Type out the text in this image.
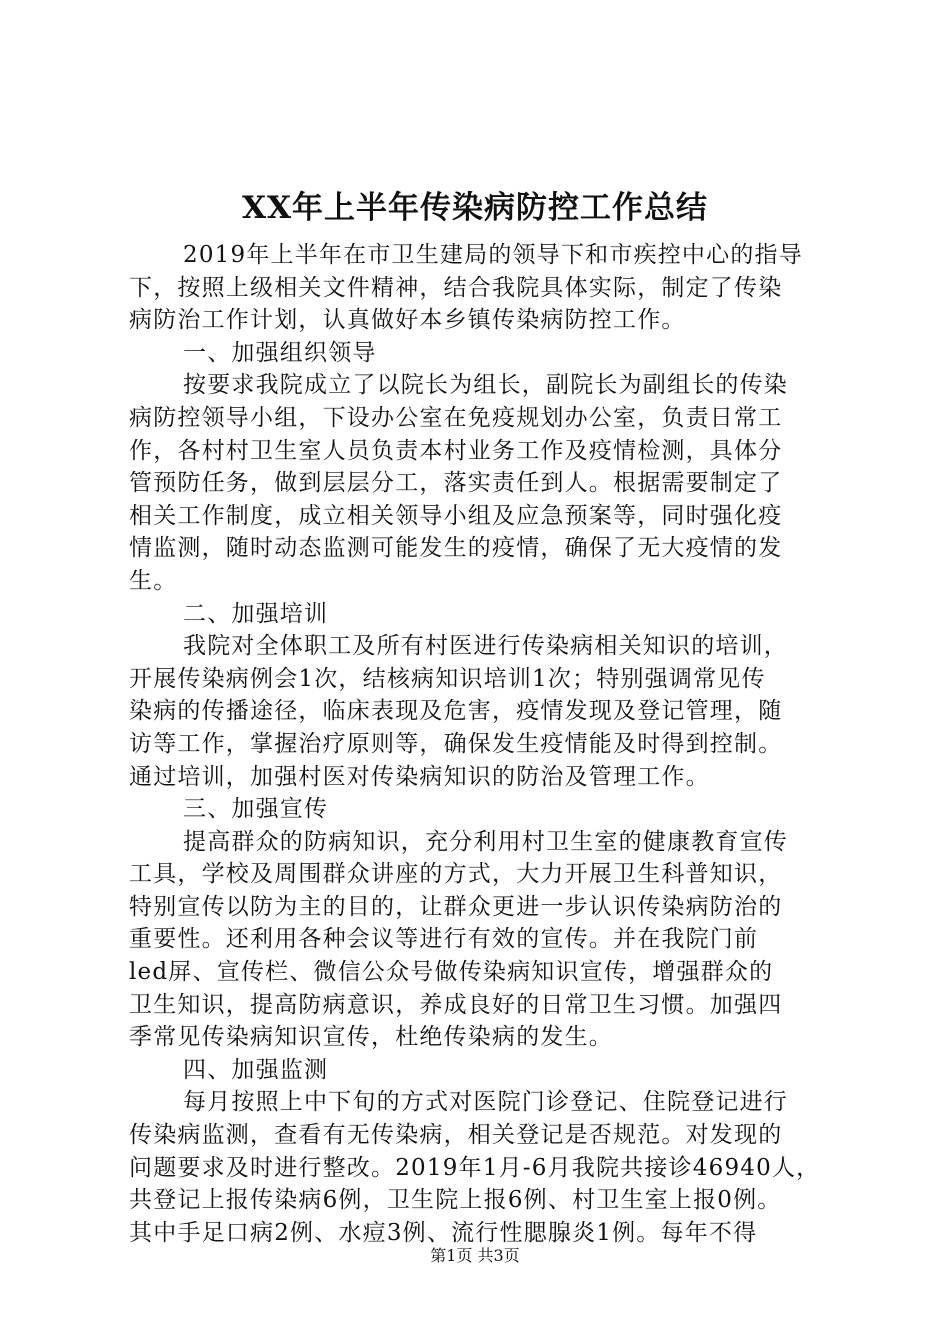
XX年上半年传染病防控工作总结
2019年上半年在市卫生建局的领导下和市疾控中心的指导
下，按照上级相关文件精神，结合我院具体实际，制定了传染
病防治工作计划，认真做好本乡镇传染病防控工作。
一、加强组织领导
按要求我院成立了以院长为组长，副院长为副组长的传染
病防控领导小组，下设办公室在免疫规划办公室，负责日常工
作，各村村卫生室人员负责本村业务工作及疫情检测，具体分
管预防任务，做到层层分工，落实责任到人。根据需要制定了
相关工作制度，成立相关领导小组及应急预案等，同时强化疫
情监测，随时动态监测可能发生的疫情，确保了无大疫情的发
生。
二、加强培训
我院对全体职工及所有村医进行传染病相关知识的培训，
开展传染病例会1次，结核病知识培训1次；特别强调常见传
染病的传播途径，临床表现及危害，疫情发现及登记管理，随
访等工作，掌握治疗原则等，确保发生疫情能及时得到控制。
通过培训，加强村医对传染病知识的防治及管理工作。
三、加强宣传
提高群众的防病知识，充分利用村卫生室的健康教育宣传
工具，学校及周围群众讲座的方式，大力开展卫生科普知识，
特别宣传以防为主的目的，让群众更进一步认识传染病防治的
重要性。还利用各种会议等进行有效的宣传。并在我院门前
led屏、宣传栏、微信公众号做传染病知识宣传，增强群众的
卫生知识，提高防病意识，养成良好的日常卫生习惯。加强四
季常见传染病知识宣传，杜绝传染病的发生。
四、加强监测
每月按照上中下旬的方式对医院门诊登记、住院登记进行
传染病监测，查看有无传染病，相关登记是否规范。对发现的
问题要求及时进行整改。2019年1月-6月我院共接诊46940人，
共登记上报传染病6例，卫生院上报6例、村卫生室上报0例。
其中手足口病2例、水痘3例、流行性腮腺炎1例。每年不得
第1页 共3页
